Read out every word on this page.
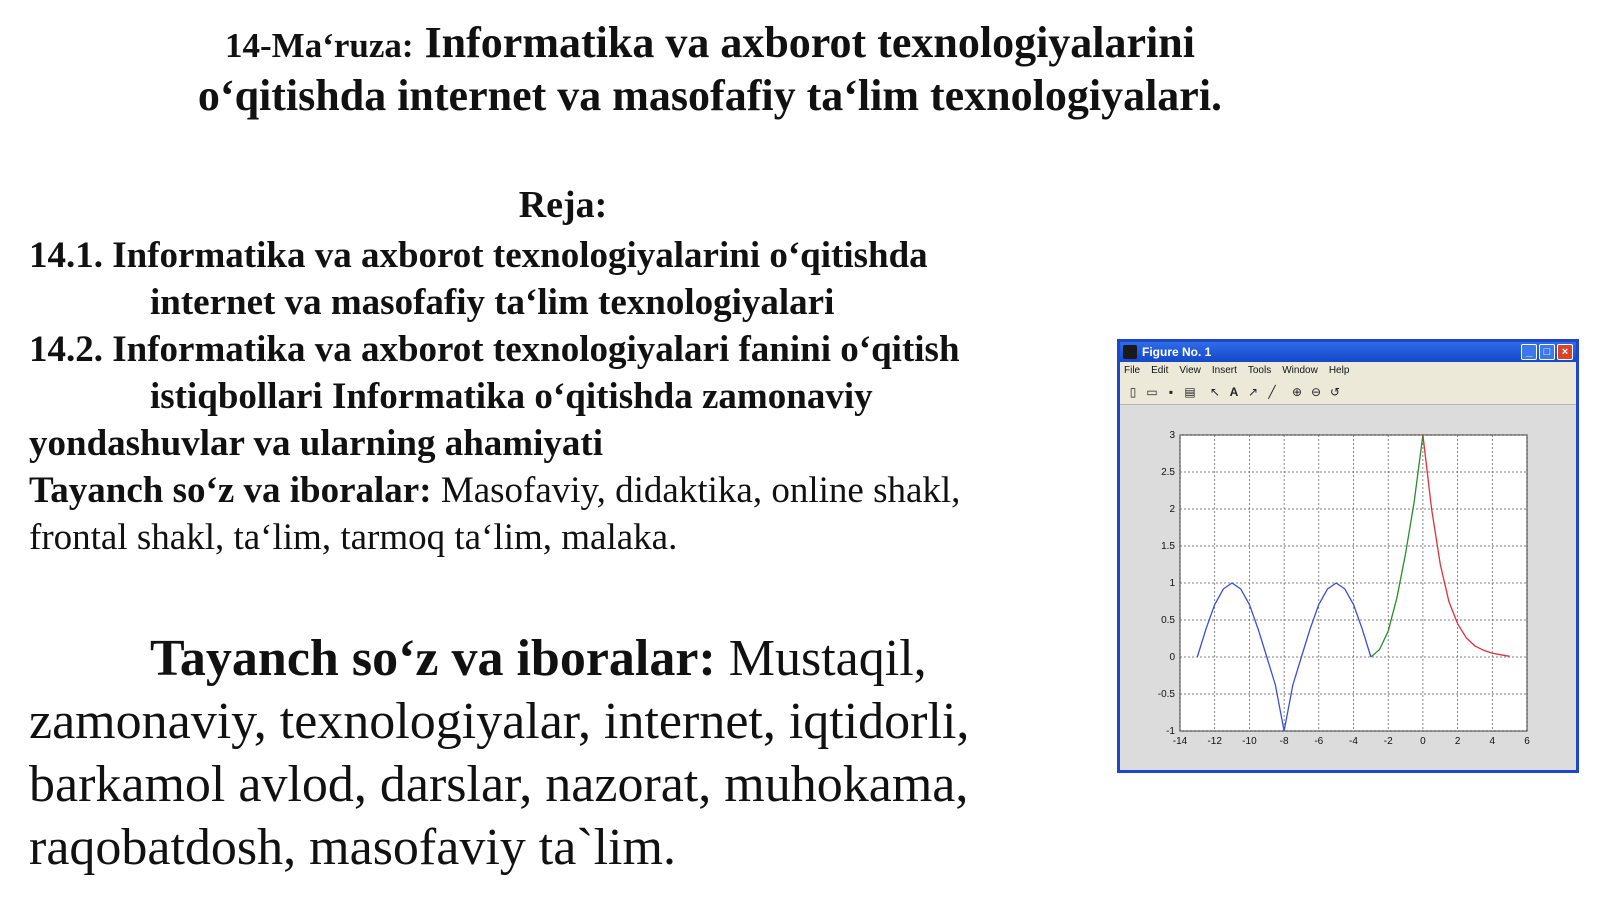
14-Ma‘ruza: Informatika va axborot texnologiyalarini
o‘qitishda internet va masofafiy ta‘lim texnologiyalari.
Reja:
14.1. Informatika va axborot texnologiyalarini o‘qitishda
internet va masofafiy ta‘lim texnologiyalari
14.2. Informatika va axborot texnologiyalari fanini o‘qitish
istiqbollari Informatika o‘qitishda zamonaviy
yondashuvlar va ularning ahamiyati
Tayanch so‘z va iboralar: Masofaviy, didaktika, online shakl,
frontal shakl, ta‘lim, tarmoq ta‘lim, malaka.
Tayanch so‘z va iboralar: Mustaqil,
zamonaviy, texnologiyalar, internet, iqtidorli,
barkamol avlod, darslar, nazorat, muhokama,
raqobatdosh, masofaviy ta`lim.
Figure No. 1	_	□	×
File Edit View Insert Tools Window Help
▯ ▭ ▪ ▤ ↖ A ↗ ╱ ⊕ ⊖ ↺
-14 -12 -10 -8	-6	-4	-2	0	2	4	6
-1
-0.5
0
0.5
1
1.5
2
2.5
3
